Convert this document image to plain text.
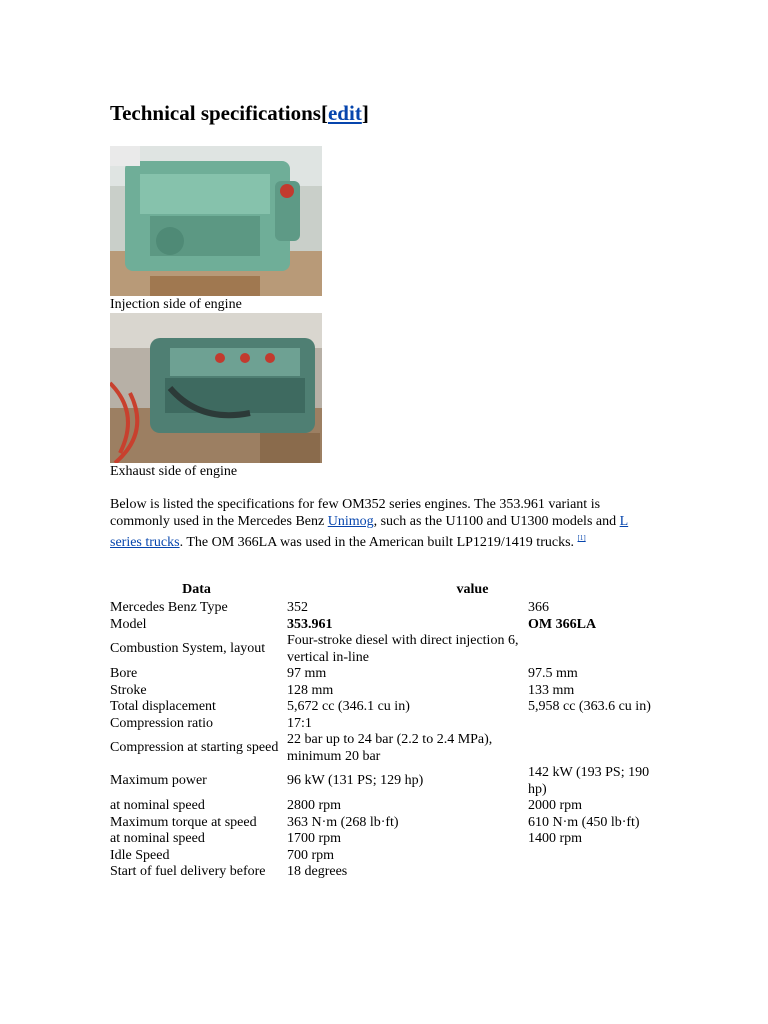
Technical specifications[edit]
Injection side of engine
Exhaust side of engine

Below is listed the specifications for few OM352 series engines. The 353.961 variant is commonly used in the Mercedes Benz Unimog, such as the U1100 and U1300 models and L series trucks. The OM 366LA was used in the American built LP1219/1419 trucks. [1]

Data	value	
Mercedes Benz Type	352	366
Model	353.961	OM 366LA
Combustion System, layout	Four-stroke diesel with direct injection 6, vertical in-line	
Bore	97 mm	97.5 mm
Stroke	128 mm	133 mm
Total displacement	5,672 cc (346.1 cu in)	5,958 cc (363.6 cu in)
Compression ratio	17:1	
Compression at starting speed	22 bar up to 24 bar (2.2 to 2.4 MPa), minimum 20 bar	
Maximum power	96 kW (131 PS; 129 hp)	142 kW (193 PS; 190 hp)
at nominal speed	2800 rpm	2000 rpm
Maximum torque at speed	363 N·m (268 lb·ft)	610 N·m (450 lb·ft)
at nominal speed	1700 rpm	1400 rpm
Idle Speed	700 rpm	
Start of fuel delivery before	18 degrees	
